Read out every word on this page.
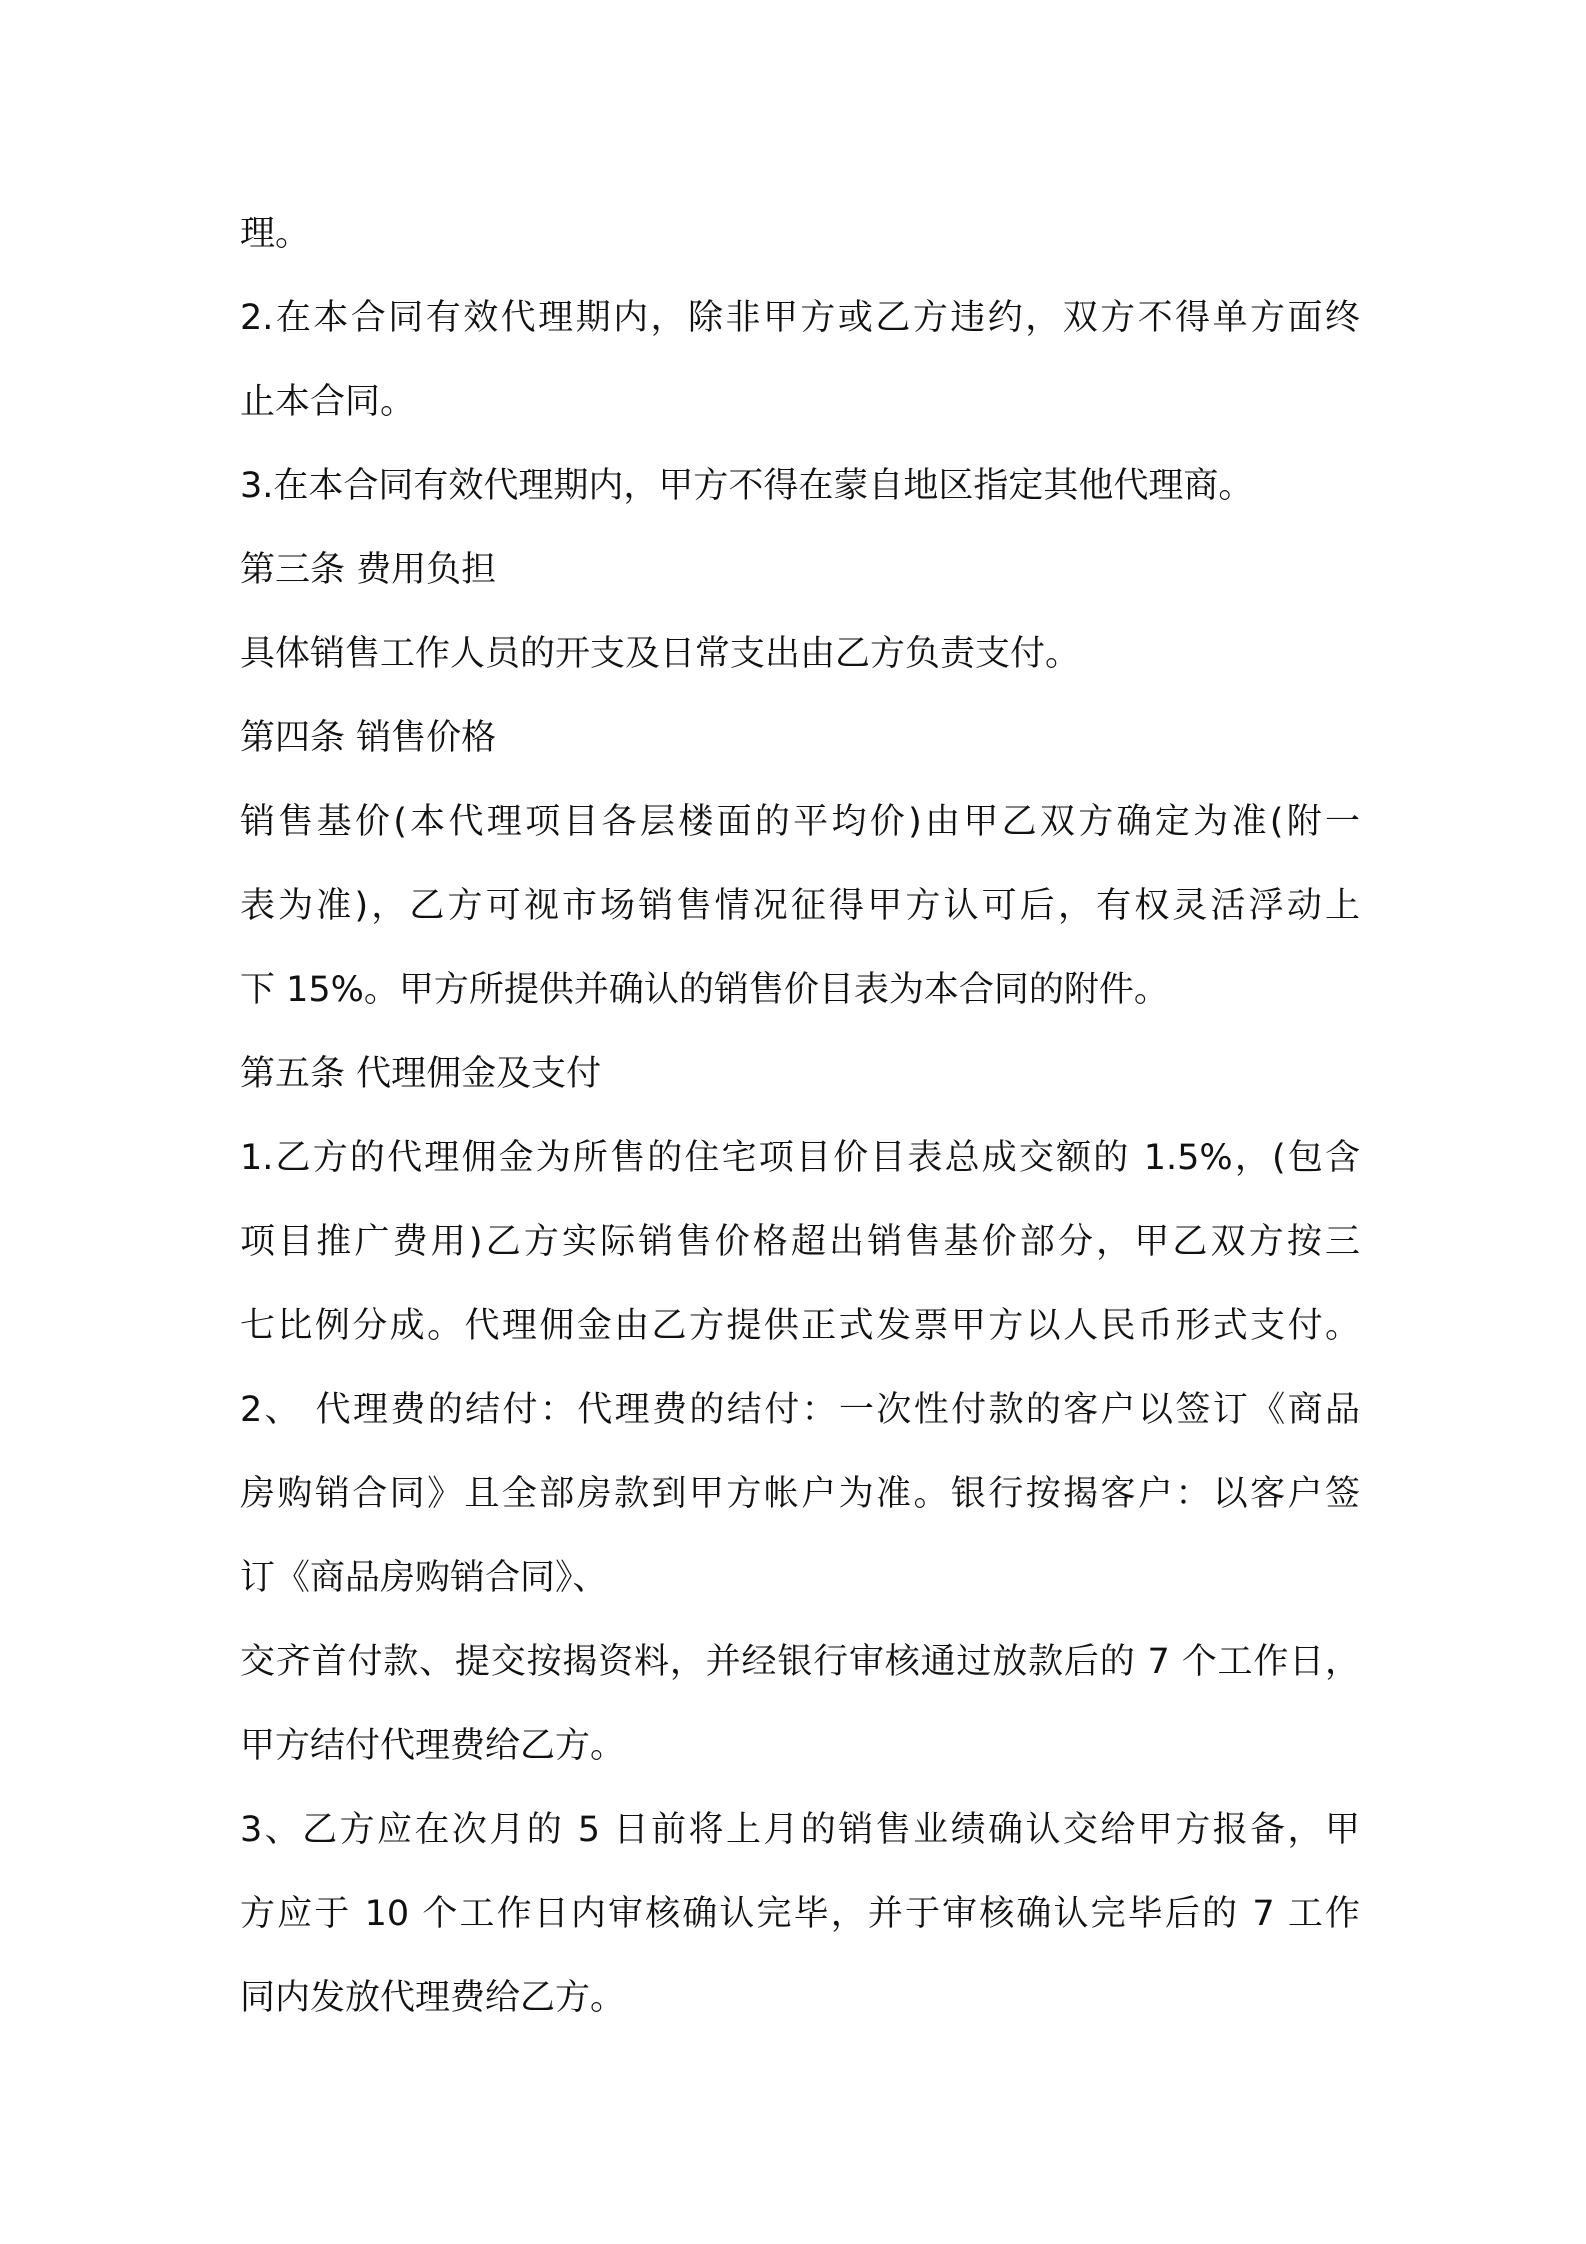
理。
2.在本合同有效代理期内，除非甲方或乙方违约，双方不得单方面终
止本合同。
3.在本合同有效代理期内，甲方不得在蒙自地区指定其他代理商。
第三条 费用负担
具体销售工作人员的开支及日常支出由乙方负责支付。
第四条 销售价格
销售基价(本代理项目各层楼面的平均价)由甲乙双方确定为准(附一
表为准)，乙方可视市场销售情况征得甲方认可后，有权灵活浮动上
下 15%。甲方所提供并确认的销售价目表为本合同的附件。
第五条 代理佣金及支付
1.乙方的代理佣金为所售的住宅项目价目表总成交额的 1.5%，(包含
项目推广费用)乙方实际销售价格超出销售基价部分，甲乙双方按三
七比例分成。代理佣金由乙方提供正式发票甲方以人民币形式支付。
2、 代理费的结付：代理费的结付：一次性付款的客户以签订《商品
房购销合同》且全部房款到甲方帐户为准。银行按揭客户：以客户签
订《商品房购销合同》、
交齐首付款、提交按揭资料，并经银行审核通过放款后的 7 个工作日，
甲方结付代理费给乙方。
3、乙方应在次月的 5 日前将上月的销售业绩确认交给甲方报备，甲
方应于 10 个工作日内审核确认完毕，并于审核确认完毕后的 7 工作
同内发放代理费给乙方。
